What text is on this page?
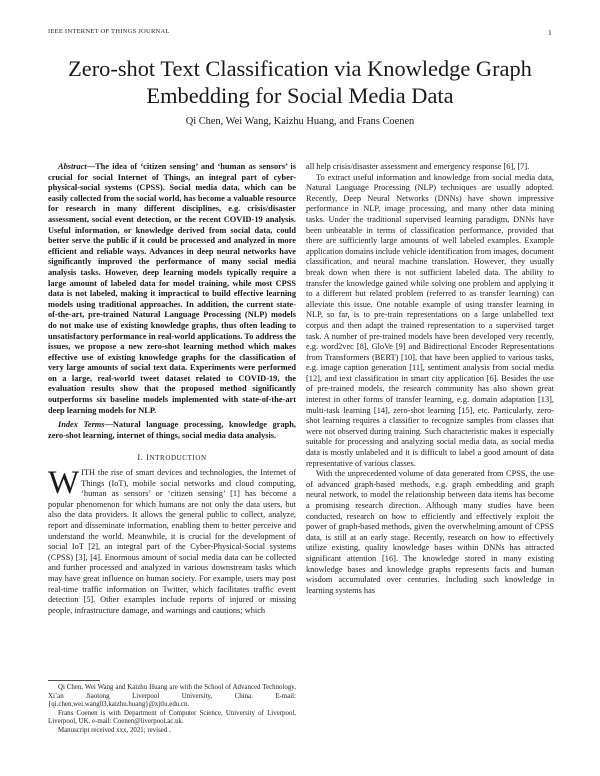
IEEE INTERNET OF THINGS JOURNAL	1
Zero-shot Text Classification via Knowledge Graph Embedding for Social Media Data
Qi Chen, Wei Wang, Kaizhu Huang, and Frans Coenen

Abstract—The idea of ‘citizen sensing’ and ‘human as sensors’ is crucial for social Internet of Things, an integral part of cyber-physical-social systems (CPSS). Social media data, which can be easily collected from the social world, has become a valuable resource for research in many different disciplines, e.g. crisis/disaster assessment, social event detection, or the recent COVID-19 analysis. Useful information, or knowledge derived from social data, could better serve the public if it could be processed and analyzed in more efficient and reliable ways. Advances in deep neural networks have significantly improved the performance of many social media analysis tasks. However, deep learning models typically require a large amount of labeled data for model training, while most CPSS data is not labeled, making it impractical to build effective learning models using traditional approaches. In addition, the current state-of-the-art, pre-trained Natural Language Processing (NLP) models do not make use of existing knowledge graphs, thus often leading to unsatisfactory performance in real-world applications. To address the issues, we propose a new zero-shot learning method which makes effective use of existing knowledge graphs for the classification of very large amounts of social text data. Experiments were performed on a large, real-world tweet dataset related to COVID-19, the evaluation results show that the proposed method significantly outperforms six baseline models implemented with state-of-the-art deep learning models for NLP.

Index Terms—Natural language processing, knowledge graph, zero-shot learning, internet of things, social media data analysis.

I. INTRODUCTION

WITH the rise of smart devices and technologies, the Internet of Things (IoT), mobile social networks and cloud computing, ‘human as sensors’ or ‘citizen sensing’ [1] has become a popular phenomenon for which humans are not only the data users, but also the data providers. It allows the general public to collect, analyze, report and disseminate information, enabling them to better perceive and understand the world. Meanwhile, it is crucial for the development of social IoT [2], an integral part of the Cyber-Physical-Social systems (CPSS) [3], [4]. Enormous amount of social media data can be collected and further processed and analyzed in various downstream tasks which may have great influence on human society. For example, users may post real-time traffic information on Twitter, which facilitates traffic event detection [5]. Other examples include reports of injured or missing people, infrastructure damage, and warnings and cautions; which

Qi Chen, Wei Wang and Kaizhu Huang are with the School of Advanced Technology, Xi’an Jiaotong Liverpool University, China. E-mail: {qi.chen,wei.wang03,kaizhu.huang}@xjtlu.edu.cn.

Frans Coenen is with Department of Computer Science, University of Liverpool, Liverpool, UK. e-mail: Coenen@liverpool.ac.uk.

Manuscript received xxx, 2021; revised .

all help crisis/disaster assessment and emergency response [6], [7].

To extract useful information and knowledge from social media data, Natural Language Processing (NLP) techniques are usually adopted. Recently, Deep Neural Networks (DNNs) have shown impressive performance in NLP, image processing, and many other data mining tasks. Under the traditional supervised learning paradigm, DNNs have been unbeatable in terms of classification performance, provided that there are sufficiently large amounts of well labeled examples. Example application domains include vehicle identification from images, document classification, and neural machine translation. However, they usually break down when there is not sufficient labeled data. The ability to transfer the knowledge gained while solving one problem and applying it to a different but related problem (referred to as transfer learning) can alleviate this issue. One notable example of using transfer learning in NLP, so far, is to pre-train representations on a large unlabelled text corpus and then adapt the trained representation to a supervised target task. A number of pre-trained models have been developed very recently, e.g. word2vec [8], GloVe [9] and Bidirectional Encoder Representations from Transformers (BERT) [10], that have been applied to various tasks, e.g. image caption generation [11], sentiment analysis from social media [12], and text classification in smart city application [6]. Besides the use of pre-trained models, the research community has also shown great interest in other forms of transfer learning, e.g. domain adaptation [13], multi-task learning [14], zero-shot learning [15], etc. Particularly, zero-shot learning requires a classifier to recognize samples from classes that were not observed during training. Such characteristic makes it especially suitable for processing and analyzing social media data, as social media data is mostly unlabeled and it is difficult to label a good amount of data representative of various classes.

With the unprecedented volume of data generated from CPSS, the use of advanced graph-based methods, e.g. graph embedding and graph neural network, to model the relationship between data items has become a promising research direction. Although many studies have been conducted, research on how to efficiently and effectively exploit the power of graph-based methods, given the overwhelming amount of CPSS data, is still at an early stage. Recently, research on how to effectively utilize existing, quality knowledge bases within DNNs has attracted significant attention [16]. The knowledge stored in many existing knowledge bases and knowledge graphs represents facts and human wisdom accumulated over centuries. Including such knowledge in learning systems has
